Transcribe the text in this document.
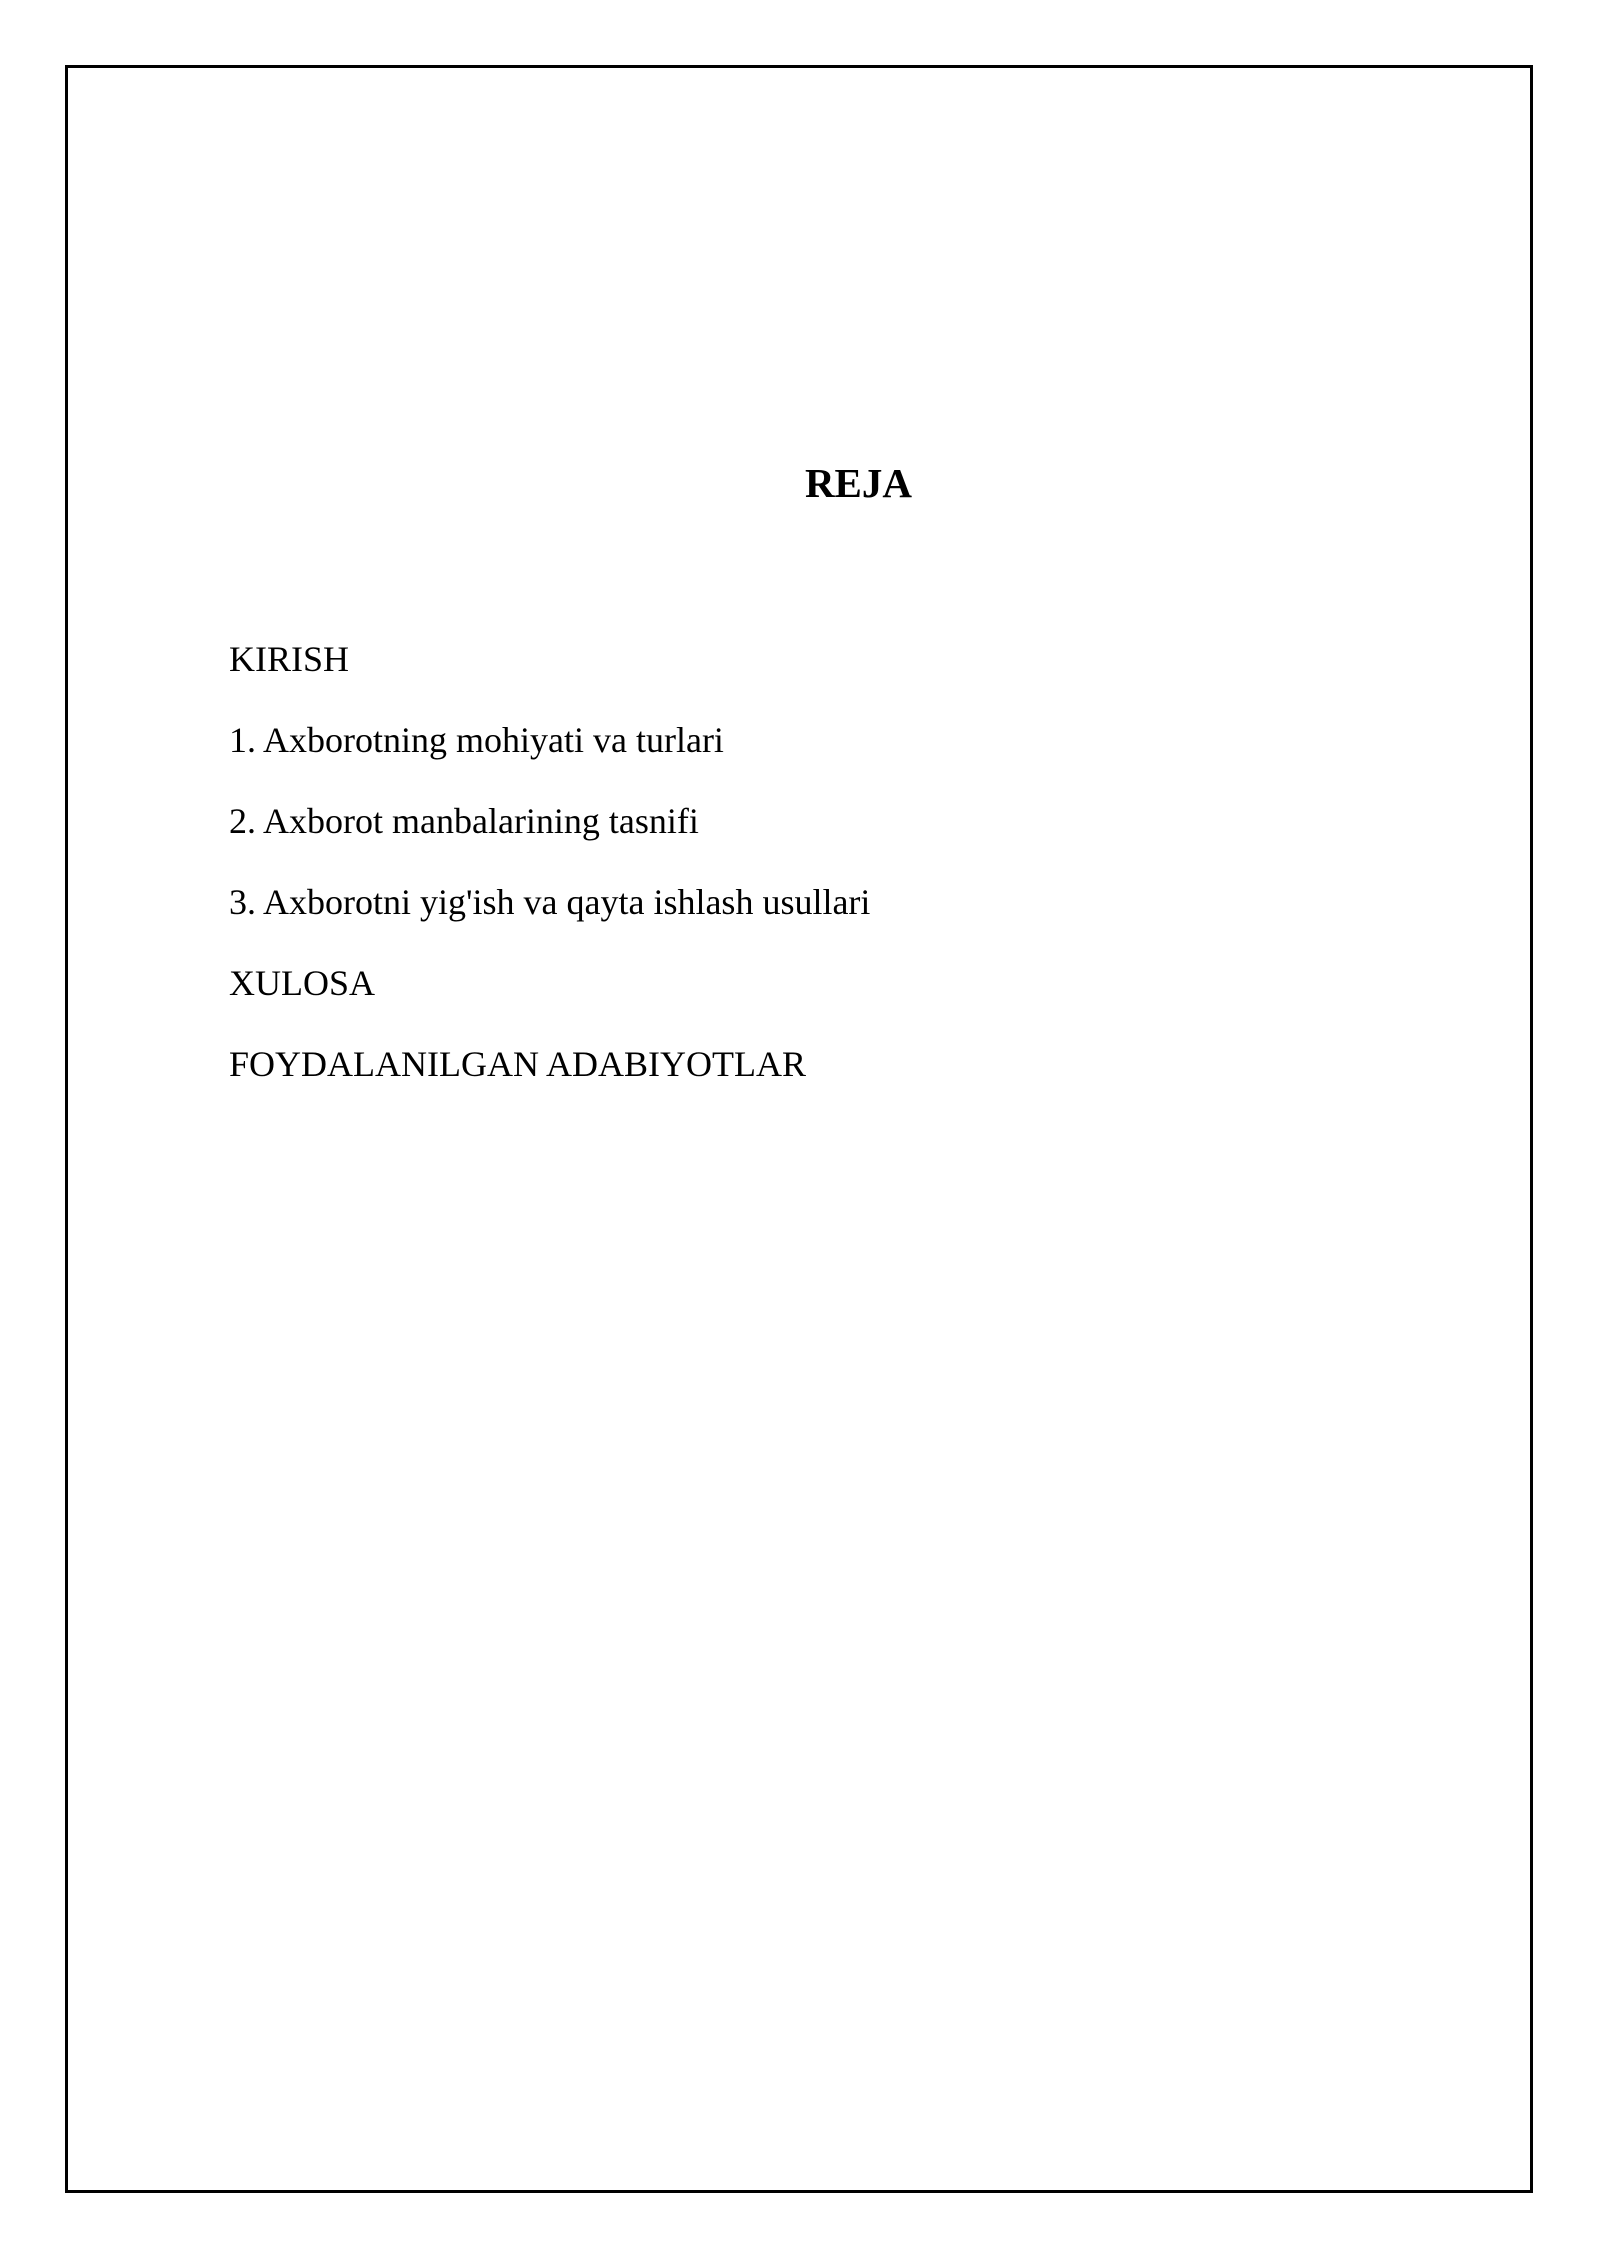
REJA
KIRISH
1. Axborotning mohiyati va turlari
2. Axborot manbalarining tasnifi
3. Axborotni yig'ish va qayta ishlash usullari
XULOSA
FOYDALANILGAN ADABIYOTLAR
